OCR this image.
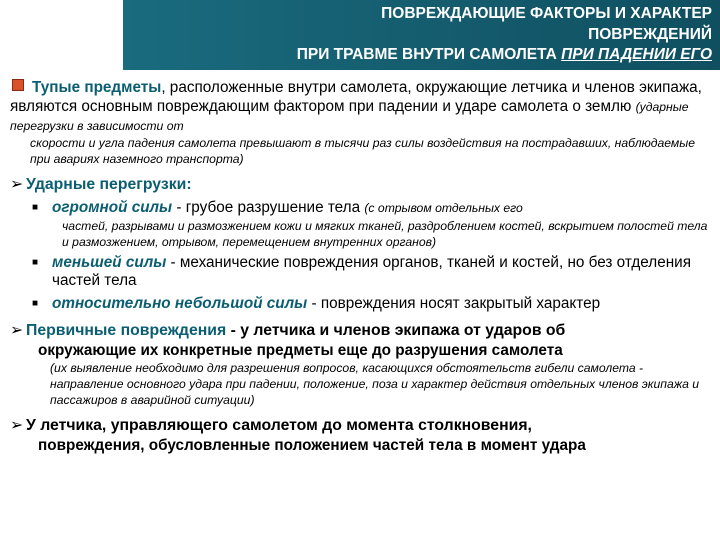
ПОВРЕЖДАЮЩИЕ ФАКТОРЫ И ХАРАКТЕР
ПОВРЕЖДЕНИЙ
ПРИ ТРАВМЕ ВНУТРИ САМОЛЕТА ПРИ ПАДЕНИИ ЕГО

Тупые предметы, расположенные внутри самолета, окружающие летчика и членов экипажа, являются основным повреждающим фактором при падении и ударе самолета о землю (ударные перегрузки в зависимости от

скорости и угла падения самолета превышают в тысячи раз силы воздействия на пострадавших, наблюдаемые при авариях наземного транспорта)

➢ Ударные перегрузки:
■ огромной силы - грубое разрушение тела (с отрывом отдельных его

частей, разрывами и размозжением кожи и мягких тканей, раздроблением костей, вскрытием полостей тела и размозжением, отрывом, перемещением внутренних органов)

■ меньшей силы - механические повреждения органов, тканей и костей, но без отделения частей тела
■ относительно небольшой силы - повреждения носят закрытый характер
➢ Первичные повреждения - у летчика и членов экипажа от ударов об

окружающие их конкретные предметы еще до разрушения самолета

(их выявление необходимо для разрешения вопросов, касающихся обстоятельств гибели самолета - направление основного удара при падении, положение, поза и характер действия отдельных членов экипажа и пассажиров в аварийной ситуации)

➢ У летчика, управляющего самолетом до момента столкновения,

повреждения, обусловленные положением частей тела в момент удара
